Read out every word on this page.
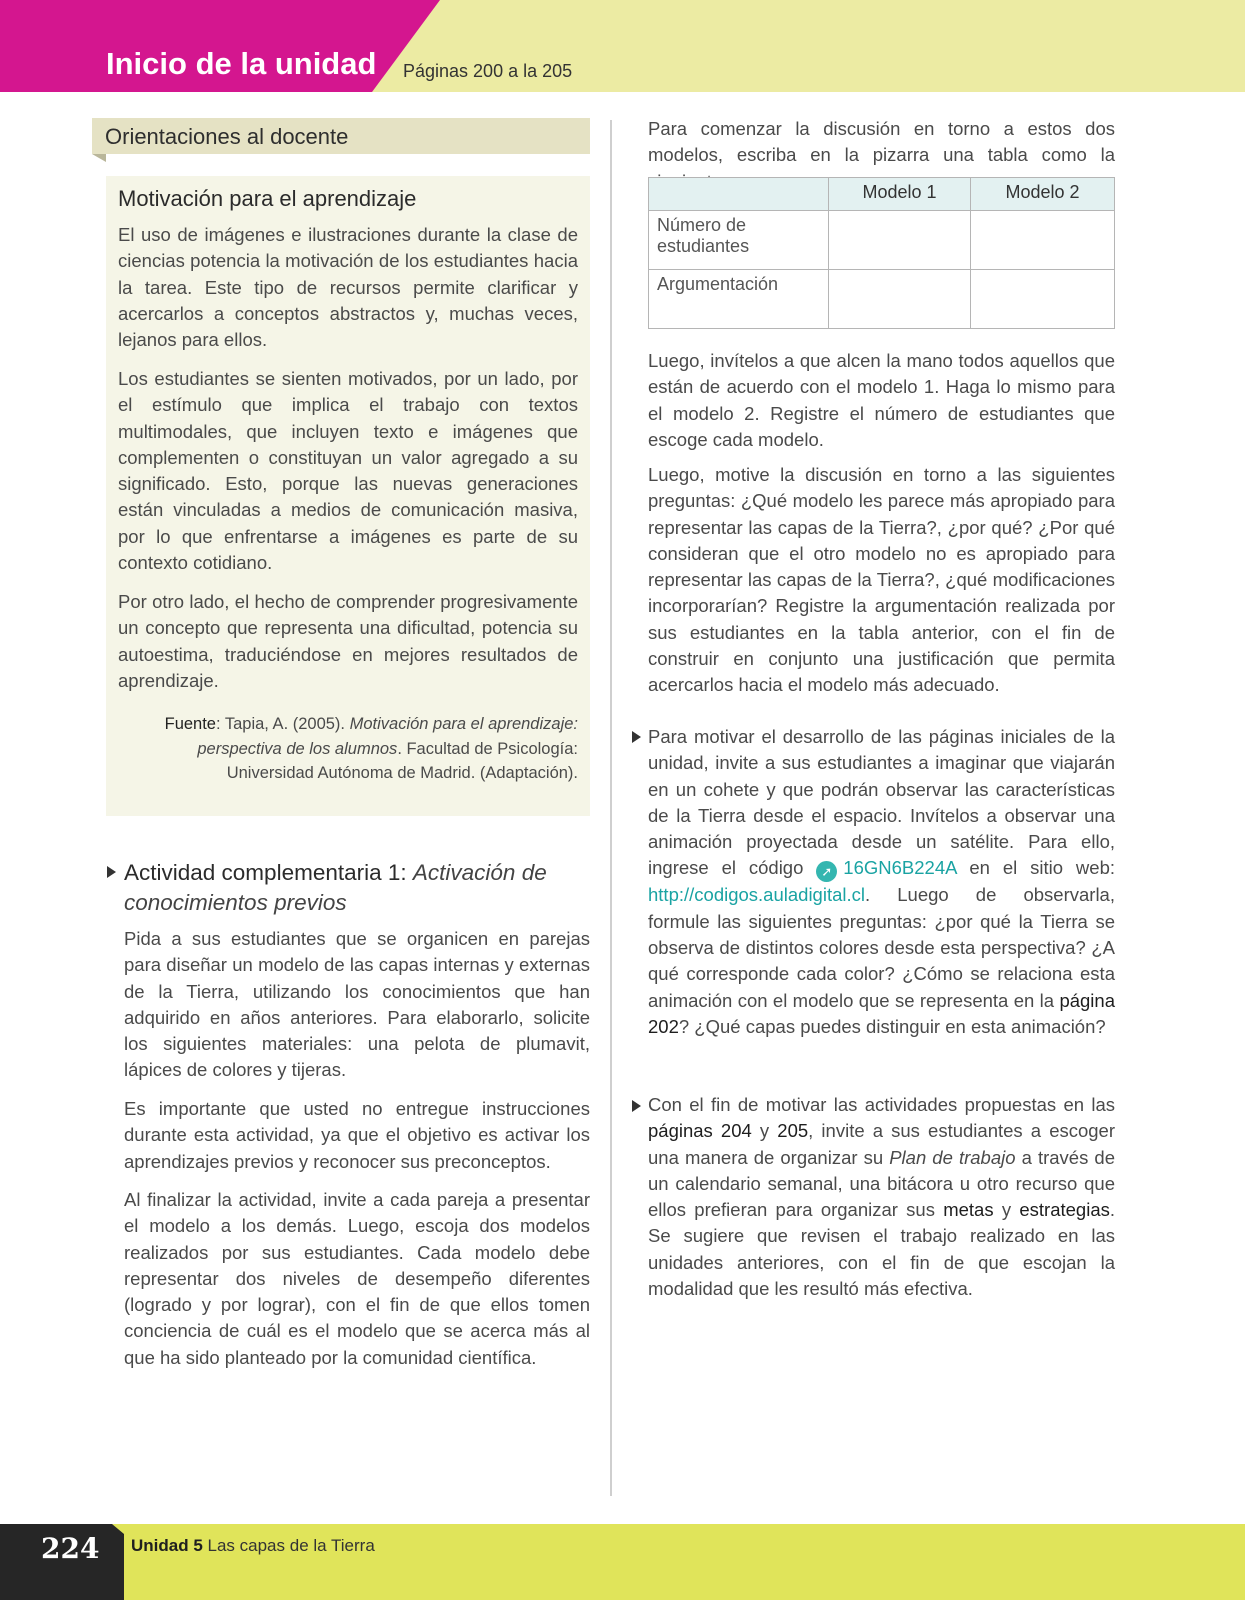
Inicio de la unidad Páginas 200 a la 205
Orientaciones al docente
Motivación para el aprendizaje

El uso de imágenes e ilustraciones durante la clase de ciencias potencia la motivación de los estudiantes hacia la tarea. Este tipo de recursos permite clarificar y acercarlos a conceptos abstractos y, muchas veces, lejanos para ellos.

Los estudiantes se sienten motivados, por un lado, por el estímulo que implica el trabajo con textos multimodales, que incluyen texto e imágenes que complementen o constituyan un valor agregado a su significado. Esto, porque las nuevas generaciones están vinculadas a medios de comunicación masiva, por lo que enfrentarse a imágenes es parte de su contexto cotidiano.

Por otro lado, el hecho de comprender progresivamente un concepto que representa una dificultad, potencia su autoestima, traduciéndose en mejores resultados de aprendizaje.

Fuente: Tapia, A. (2005). Motivación para el aprendizaje: perspectiva de los alumnos. Facultad de Psicología: Universidad Autónoma de Madrid. (Adaptación).
Actividad complementaria 1: Activación de conocimientos previos

Pida a sus estudiantes que se organicen en parejas para diseñar un modelo de las capas internas y externas de la Tierra, utilizando los conocimientos que han adquirido en años anteriores. Para elaborarlo, solicite los siguientes materiales: una pelota de plumavit, lápices de colores y tijeras.

Es importante que usted no entregue instrucciones durante esta actividad, ya que el objetivo es activar los aprendizajes previos y reconocer sus preconceptos.

Al finalizar la actividad, invite a cada pareja a presentar el modelo a los demás. Luego, escoja dos modelos realizados por sus estudiantes. Cada modelo debe representar dos niveles de desempeño diferentes (logrado y por lograr), con el fin de que ellos tomen conciencia de cuál es el modelo que se acerca más al que ha sido planteado por la comunidad científica.

Para comenzar la discusión en torno a estos dos modelos, escriba en la pizarra una tabla como la

	Modelo 1	Modelo 2
Número de estudiantes		
Argumentación		

Luego, invítelos a que alcen la mano todos aquellos que están de acuerdo con el modelo 1. Haga lo mismo para el modelo 2. Registre el número de estudiantes que escoge cada modelo.

Luego, motive la discusión en torno a las siguientes preguntas: ¿Qué modelo les parece más apropiado para representar las capas de la Tierra?, ¿por qué? ¿Por qué consideran que el otro modelo no es apropiado para representar las capas de la Tierra?, ¿qué modificaciones incorporarían? Registre la argumentación realizada por sus estudiantes en la tabla anterior, con el fin de construir en conjunto una justificación que permita acercarlos hacia el modelo más adecuado.

Para motivar el desarrollo de las páginas iniciales de la unidad, invite a sus estudiantes a imaginar que viajarán en un cohete y que podrán observar las características de la Tierra desde el espacio. Invítelos a observar una animación proyectada desde un satélite. Para ello, ingrese el código ➚ 16GN6B224A en el sitio web: http://codigos.auladigital.cl. Luego de observarla, formule las siguientes preguntas: ¿por qué la Tierra se observa de distintos colores desde esta perspectiva? ¿A qué corresponde cada color? ¿Cómo se relaciona esta animación con el modelo que se representa en la página 202? ¿Qué capas puedes distinguir en esta animación?

Con el fin de motivar las actividades propuestas en las páginas 204 y 205, invite a sus estudiantes a escoger una manera de organizar su Plan de trabajo a través de un calendario semanal, una bitácora u otro recurso que ellos prefieran para organizar sus metas y estrategias. Se sugiere que revisen el trabajo realizado en las unidades anteriores, con el fin de que escojan la modalidad que les resultó más efectiva.

224 Unidad 5 Las capas de la Tierra
